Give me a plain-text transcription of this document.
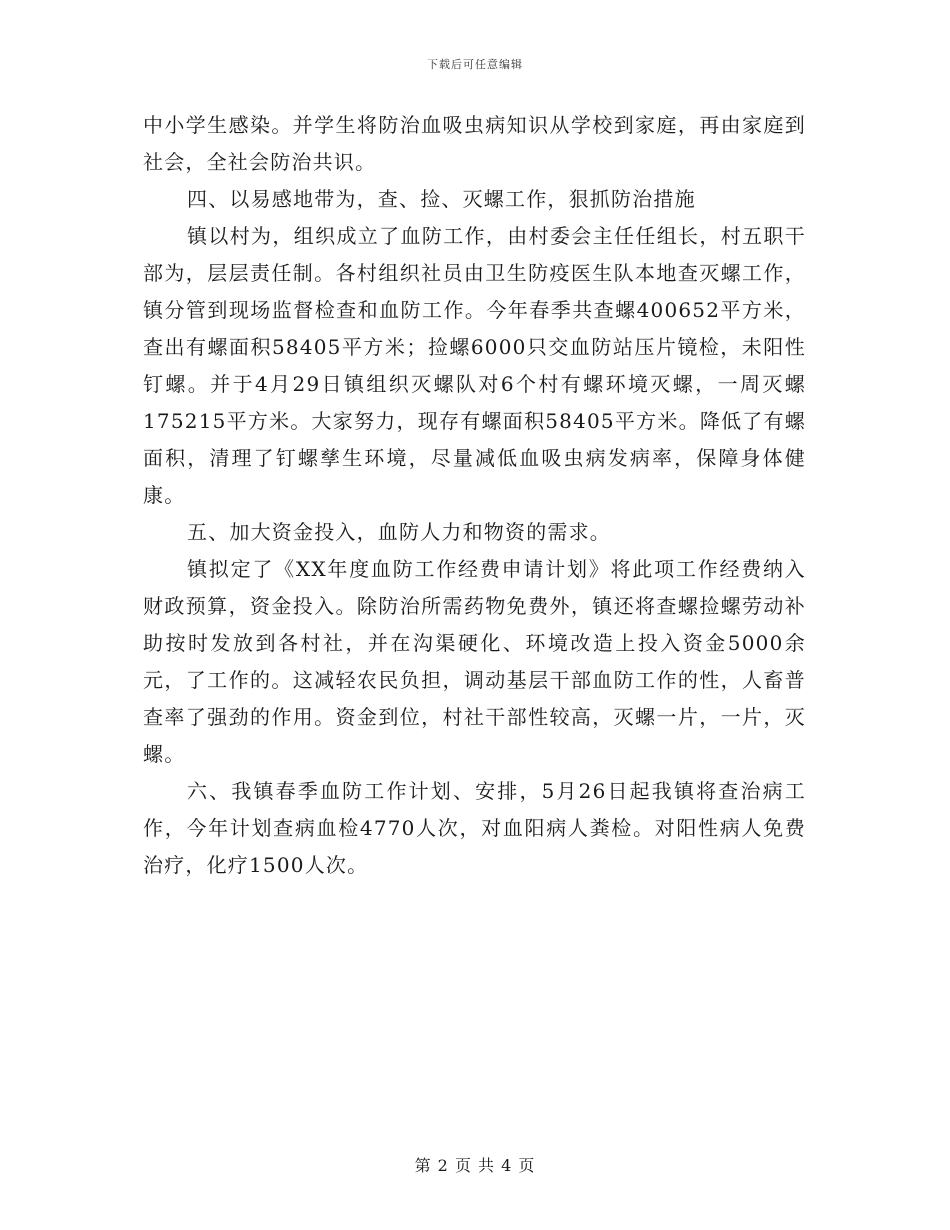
下载后可任意编辑

中小学生感染。并学生将防治血吸虫病知识从学校到家庭，再由家庭到社会，全社会防治共识。

四、以易感地带为，查、捡、灭螺工作，狠抓防治措施

镇以村为，组织成立了血防工作，由村委会主任任组长，村五职干部为，层层责任制。各村组织社员由卫生防疫医生队本地查灭螺工作，镇分管到现场监督检查和血防工作。今年春季共查螺400652平方米，查出有螺面积58405平方米；捡螺6000只交血防站压片镜检，未阳性钉螺。并于4月29日镇组织灭螺队对6个村有螺环境灭螺，一周灭螺175215平方米。大家努力，现存有螺面积58405平方米。降低了有螺面积，清理了钉螺孳生环境，尽量减低血吸虫病发病率，保障身体健康。

五、加大资金投入，血防人力和物资的需求。

镇拟定了《XX年度血防工作经费申请计划》将此项工作经费纳入财政预算，资金投入。除防治所需药物免费外，镇还将查螺捡螺劳动补助按时发放到各村社，并在沟渠硬化、环境改造上投入资金5000余元，了工作的。这减轻农民负担，调动基层干部血防工作的性，人畜普查率了强劲的作用。资金到位，村社干部性较高，灭螺一片，一片，灭螺。

六、我镇春季血防工作计划、安排，5月26日起我镇将查治病工作，今年计划查病血检4770人次，对血阳病人粪检。对阳性病人免费治疗，化疗1500人次。

第 2 页 共 4 页
